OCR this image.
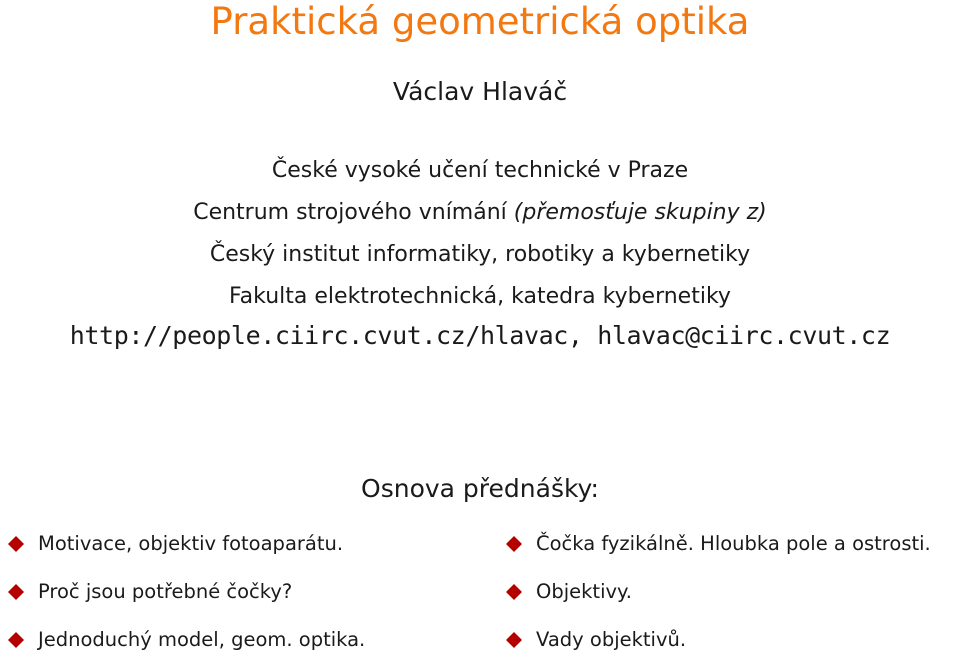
Praktická geometrická optika
Václav Hlaváč
České vysoké učení technické v Praze
Centrum strojového vnímání (přemosťuje skupiny z)
Český institut informatiky, robotiky a kybernetiky
Fakulta elektrotechnická, katedra kybernetiky
http://people.ciirc.cvut.cz/hlavac, hlavac@ciirc.cvut.cz
Osnova přednášky:
Motivace, objektiv fotoaparátu.
Proč jsou potřebné čočky?
Jednoduchý model, geom. optika.
Čočka fyzikálně. Hloubka pole a ostrosti.
Objektivy.
Vady objektivů.
